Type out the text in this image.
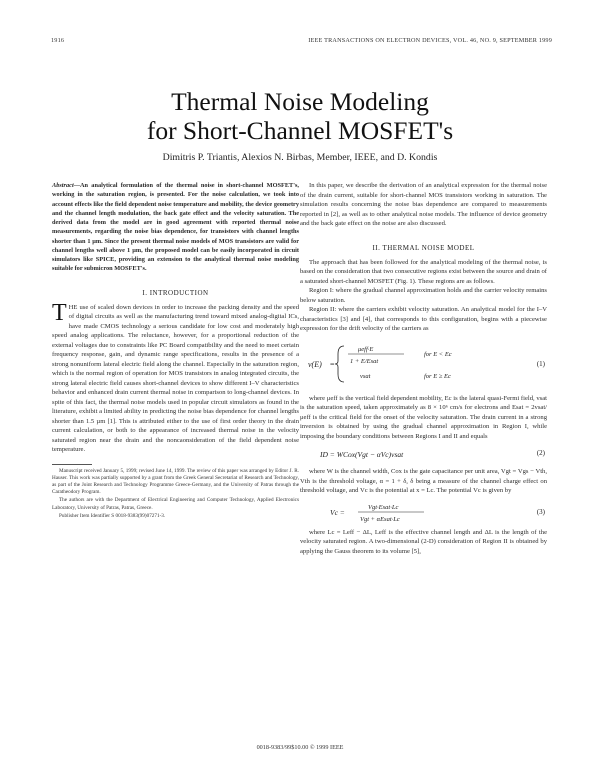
1916	IEEE TRANSACTIONS ON ELECTRON DEVICES, VOL. 46, NO. 9, SEPTEMBER 1999
Thermal Noise Modeling
for Short-Channel MOSFET's
Dimitris P. Triantis, Alexios N. Birbas, Member, IEEE, and D. Kondis

Abstract—An analytical formulation of the thermal noise in short-channel MOSFET's, working in the saturation region, is presented. For the noise calculation, we took into account effects like the field dependent noise temperature and mobility, the device geometry and the channel length modulation, the back gate effect and the velocity saturation. The derived data from the model are in good agreement with reported thermal noise measurements, regarding the noise bias dependence, for transistors with channel lengths shorter than 1 µm. Since the present thermal noise models of MOS transistors are valid for channel lengths well above 1 µm, the proposed model can be easily incorporated in circuit simulators like SPICE, providing an extension to the analytical thermal noise modeling suitable for submicron MOSFET's.

I. INTRODUCTION

THE use of scaled down devices in order to increase the packing density and the speed of digital circuits as well as the manufacturing trend toward mixed analog-digital ICs, have made CMOS technology a serious candidate for low cost and moderately high speed analog applications. The reluctance, however, for a proportional reduction of the external voltages due to constraints like PC Board compatibility and the need to meet certain frequency response, gain, and dynamic range specifications, results in the presence of a strong nonuniform lateral electric field along the channel. Especially in the saturation region, which is the normal region of operation for MOS transistors in analog integrated circuits, the strong lateral electric field causes short-channel devices to show different I–V characteristics behavior and enhanced drain current thermal noise in comparison to long-channel devices. In spite of this fact, the thermal noise models used in popular circuit simulators as found in the literature, exhibit a limited ability in predicting the noise bias dependence for channel lengths shorter than 1.5 µm [1]. This is attributed either to the use of first order theory in the drain current calculation, or both to the appearance of increased thermal noise in the velocity saturated region near the drain and the noncaonsideration of the field dependent noise temperature.

Manuscript received January 5, 1999; revised June 14, 1999. The review of this paper was arranged by Editor J. R. Hauser. This work was partially supported by a grant from the Greek General Secretariat of Research and Technology, as part of the Joint Research and Technology Programme Greece-Germany, and the University of Patras through the Caratheodory Program.

The authors are with the Department of Electrical Engineering and Computer Technology, Applied Electronics Laboratory, University of Patras, Patras, Greece.

Publisher Item Identifier S 0018-9383(99)07271-3.

In this paper, we describe the derivation of an analytical expression for the thermal noise of the drain current, suitable for short-channel MOS transistors working in saturation. The simulation results concerning the noise bias dependence are compared to measurements reported in [2], as well as to other analytical noise models. The influence of device geometry and the back gate effect on the noise are also discussed.

II. THERMAL NOISE MODEL

The approach that has been followed for the analytical modeling of the thermal noise, is based on the consideration that two consecutive regions exist between the source and drain of a saturated short-channel MOSFET (Fig. 1). These regions are as follows.

Region I: where the gradual channel approximation holds and the carrier velocity remains below saturation.

Region II: where the carriers exhibit velocity saturation. An analytical model for the I–V characteristics [3] and [4], that corresponds to this configuration, begins with a piecewise expression for the drift velocity of the carriers as

v(E) =
μeff·E
1 + E/Esat
for E < Ec
vsat	for E ≥ Ec
(1)

where μeff is the vertical field dependent mobility, Ec is the lateral quasi-Fermi field, vsat is the saturation speed, taken approximately as 8 × 10⁶ cm/s for electrons and Esat = 2vsat/μeff is the critical field for the onset of the velocity saturation. The drain current in a strong inversion is obtained by using the gradual channel approximation in Region I, while imposing the boundary conditions between Regions I and II and equals

ID = WCox(Vgt − αVc)vsat	(2)

where W is the channel width, Cox is the gate capacitance per unit area, Vgt = Vgs − Vth, Vth is the threshold voltage, α = 1 + δ, δ being a measure of the channel charge effect on threshold voltage, and Vc is the potential at x = Lc. The potential Vc is given by

Vc =
Vgt·Esat·Lc
Vgt + αEsat·Lc
(3)

where Lc = Leff − ΔL, Leff is the effective channel length and ΔL is the length of the velocity saturated region. A two-dimensional (2-D) consideration of Region II is obtained by applying the Gauss theorem to its volume [5],

0018-9383/99$10.00 © 1999 IEEE
